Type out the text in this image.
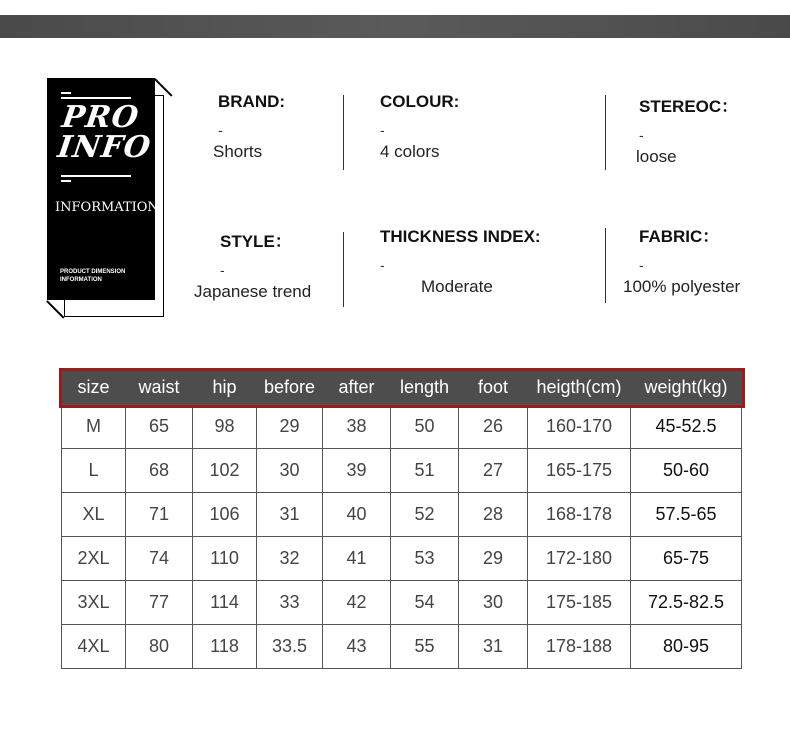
PRO
INFO
INFORMATION
PRODUCT DIMENSION
INFORMATION
BRAND:
-
Shorts
COLOUR:
-
4 colors
STEREOC：
-
loose
STYLE：
-
Japanese trend
THICKNESS INDEX:
-
Moderate
FABRIC：
-
100% polyester
size	waist	hip	before	after	length	foot	heigth(cm)	weight(kg)
M	65	98	29	38	50	26	160-170	45-52.5
L	68	102	30	39	51	27	165-175	50-60
XL	71	106	31	40	52	28	168-178	57.5-65
2XL	74	110	32	41	53	29	172-180	65-75
3XL	77	114	33	42	54	30	175-185	72.5-82.5
4XL	80	118	33.5	43	55	31	178-188	80-95
